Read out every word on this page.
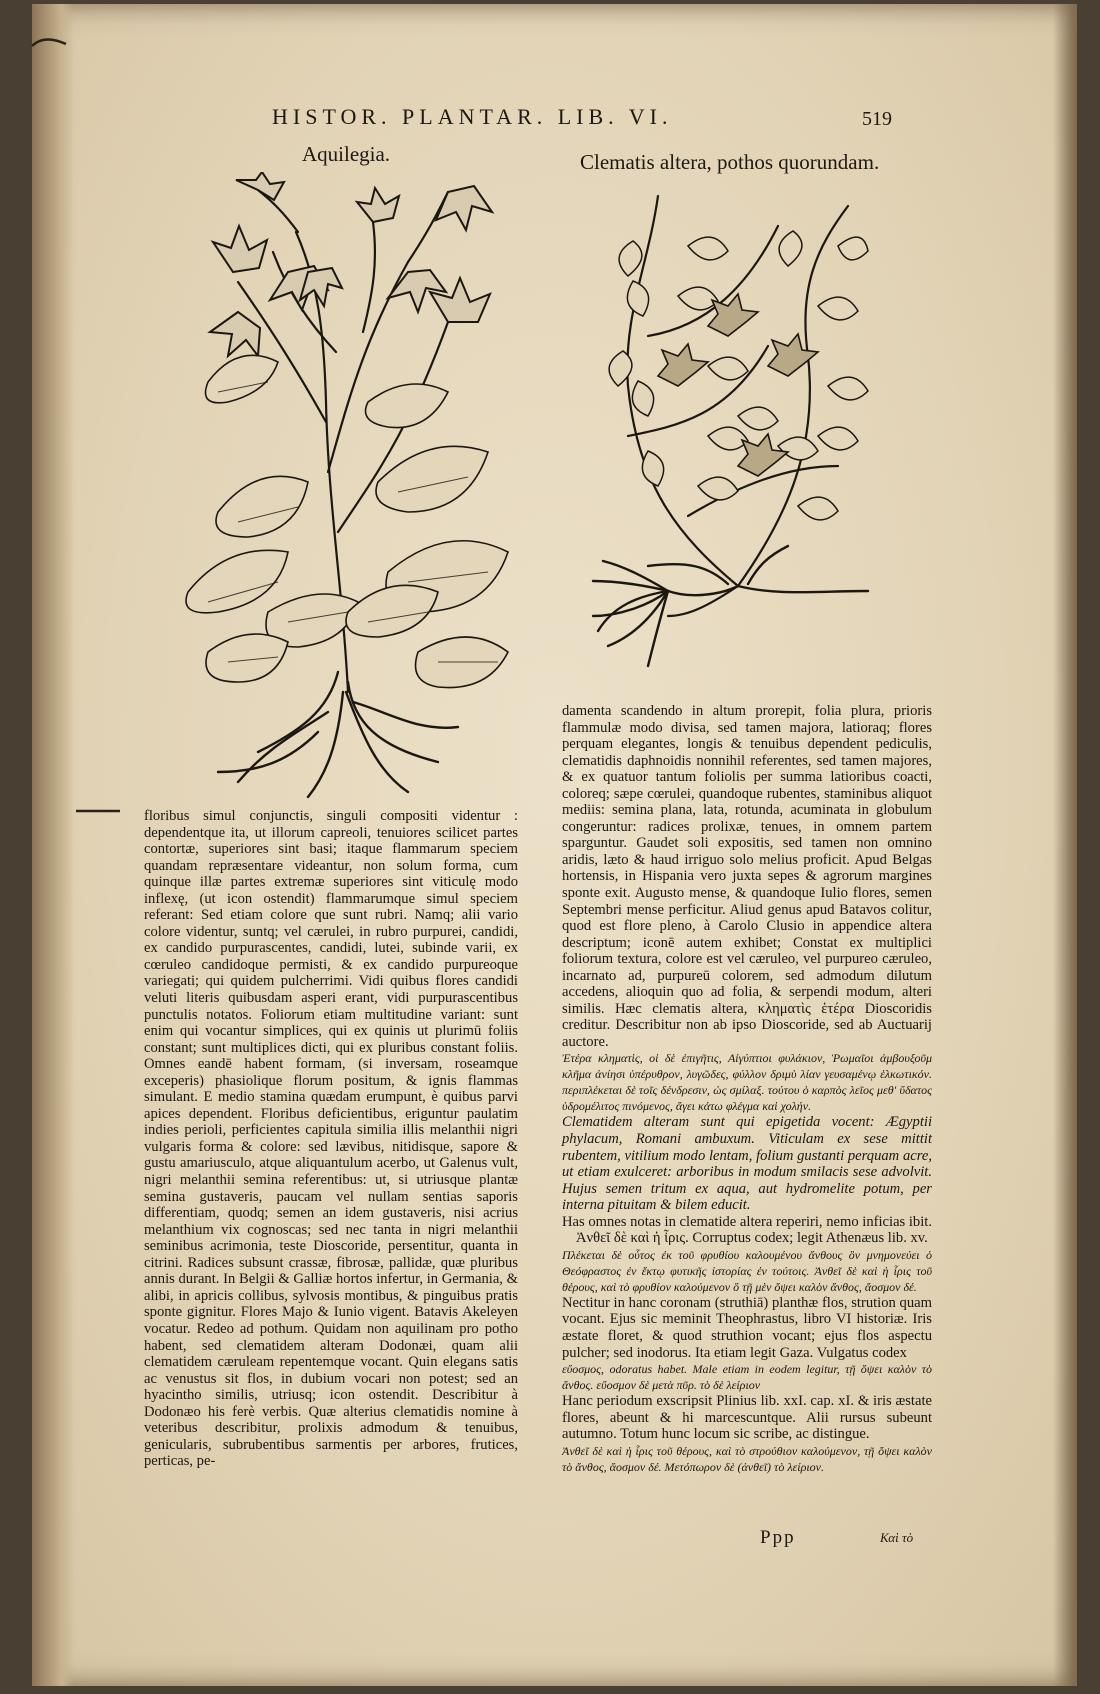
HISTOR. PLANTAR. LIB. VI.	519
Aquilegia.	Clematis altera, pothos quorundam.

floribus simul conjunctis, singuli compositi videntur : dependentque ita, ut illorum capreoli, tenuiores scilicet partes contortæ, superiores sint basi; itaque flammarum speciem quandam repræsentare videantur, non solum forma, cum quinque illæ partes extremæ superiores sint viticulę modo inflexę, (ut icon ostendit) flammarumque simul speciem referant: Sed etiam colore que sunt rubri. Namq; alii vario colore videntur, suntq; vel cærulei, in rubro purpurei, candidi, ex candido purpurascentes, candidi, lutei, subinde varii, ex cœruleo candidoque permisti, & ex candido purpureoque variegati; qui quidem pulcherrimi. Vidi quibus flores candidi veluti literis quibusdam asperi erant, vidi purpurascentibus punctulis notatos. Foliorum etiam multitudine variant: sunt enim qui vocantur simplices, qui ex quinis ut plurimū foliis constant; sunt multiplices dicti, qui ex pluribus constant foliis. Omnes eandē habent formam, (si inversam, roseamque exceperis) phasiolique florum positum, & ignis flammas simulant. E medio stamina quædam erumpunt, è quibus parvi apices dependent. Floribus deficientibus, eriguntur paulatim indies perioli, perficientes capitula similia illis melanthii nigri vulgaris forma & colore: sed lævibus, nitidisque, sapore & gustu amariusculo, atque aliquantulum acerbo, ut Galenus vult, nigri melanthii semina referentibus: ut, si utriusque plantæ semina gustaveris, paucam vel nullam sentias saporis differentiam, quodq; semen an idem gustaveris, nisi acrius melanthium vix cognoscas; sed nec tanta in nigri melanthii seminibus acrimonia, teste Dioscoride, persentitur, quanta in citrini. Radices subsunt crassæ, fibrosæ, pallidæ, quæ pluribus annis durant. In Belgii & Galliæ hortos infertur, in Germania, & alibi, in apricis collibus, sylvosis montibus, & pinguibus pratis sponte gignitur. Flores Majo & Iunio vigent. Batavis Akeleyen vocatur. Redeo ad pothum. Quidam non aquilinam pro potho habent, sed clematidem alteram Dodonæi, quam alii clematidem cæruleam repentemque vocant. Quin elegans satis ac venustus sit flos, in dubium vocari non potest; sed an hyacintho similis, utriusq; icon ostendit. Describitur à Dodonæo his ferè verbis. Quæ alterius clematidis nomine à veteribus describitur, prolixis admodum & tenuibus, genicularis, subrubentibus sarmentis per arbores, frutices, perticas, pe-

damenta scandendo in altum prorepit, folia plura, prioris flammulæ modo divisa, sed tamen majora, latioraq; flores perquam elegantes, longis & tenuibus dependent pediculis, clematidis daphnoidis nonnihil referentes, sed tamen majores, & ex quatuor tantum foliolis per summa latioribus coacti, coloreq; sæpe cœrulei, quandoque rubentes, staminibus aliquot mediis: semina plana, lata, rotunda, acuminata in globulum congeruntur: radices prolixæ, tenues, in omnem partem sparguntur. Gaudet soli expositis, sed tamen non omnino aridis, læto & haud irriguo solo melius proficit. Apud Belgas hortensis, in Hispania vero juxta sepes & agrorum margines sponte exit. Augusto mense, & quandoque Iulio flores, semen Septembri mense perficitur. Aliud genus apud Batavos colitur, quod est flore pleno, à Carolo Clusio in appendice altera descriptum; iconē autem exhibet; Constat ex multiplici foliorum textura, colore est vel cæruleo, vel purpureo cæruleo, incarnato ad, purpureū colorem, sed admodum dilutum accedens, alioquin quo ad folia, & serpendi modum, alteri similis. Hæc clematis altera, κληματὶς ἑτέρα Dioscoridis creditur. Describitur non ab ipso Dioscoride, sed ab Auctuarij auctore.

Ἐτέρα κληματὶς, οἱ δὲ ἐπιγῆτις, Αἰγύπτιοι φυλάκιον, Ῥωμαῖοι ἀμβουξοῦμ κλῆμα ἀνίησι ὑπέρυθρον, λυγῶδες, φύλλον δριμὺ λίαν γευσαμένῳ ἑλκωτικόν. περιπλέκεται δὲ τοῖς δένδρεσιν, ὡς σμίλαξ. τούτου ὁ καρπὸς λεῖος μεθ' ὕδατος ὑδρομέλιτος πινόμενος, ἄγει κάτω φλέγμα καὶ χολήν.

Clematidem alteram sunt qui epigetida vocent: Ægyptii phylacum, Romani ambuxum. Viticulam ex sese mittit rubentem, vitilium modo lentam, folium gustanti perquam acre, ut etiam exulceret: arboribus in modum smilacis sese advolvit. Hujus semen tritum ex aqua, aut hydromelite potum, per interna pituitam & bilem educit.

Has omnes notas in clematide altera reperiri, nemo inficias ibit.

Ἀνθεῖ δὲ καὶ ἡ ἶρις. Corruptus codex; legit Athenæus lib. xv.

Πλέκεται δὲ οὗτος ἐκ τοῦ φρυθίου καλουμένου ἄνθους ὃν μνημονεύει ὁ Θεόφραστος ἐν ἕκτῳ φυτικῆς ἱστορίας ἐν τούτοις. Ἀνθεῖ δὲ καὶ ἡ ἶρις τοῦ θέρους, καὶ τὸ φρυθίον καλούμενον ὃ τῇ μὲν ὄψει καλὸν ἄνθος, ἄοσμον δέ.

Nectitur in hanc coronam (struthiā) planthæ flos, strution quam vocant. Ejus sic meminit Theophrastus, libro VI historiæ. Iris æstate floret, & quod struthion vocant; ejus flos aspectu pulcher; sed inodorus. Ita etiam legit Gaza. Vulgatus codex

εὔοσμος, odoratus habet. Male etiam in eodem legitur, τῇ ὄψει καλὸν τὸ ἄνθος. εὔοσμον δὲ μετὰ πῦρ. τὸ δὲ λείριον

Hanc periodum exscripsit Plinius lib. xxI. cap. xI. & iris æstate flores, abeunt & hi marcescuntque. Alii rursus subeunt autumno. Totum hunc locum sic scribe, ac distingue.

Ἀνθεῖ δὲ καὶ ἡ ἶρις τοῦ θέρους, καὶ τὸ στρούθιον καλούμενον, τῇ ὄψει καλὸν τὸ ἄνθος, ἄοσμον δέ. Μετόπωρον δὲ (ἀνθεῖ) τὸ λείριον.

Ppp	Καὶ τὸ
